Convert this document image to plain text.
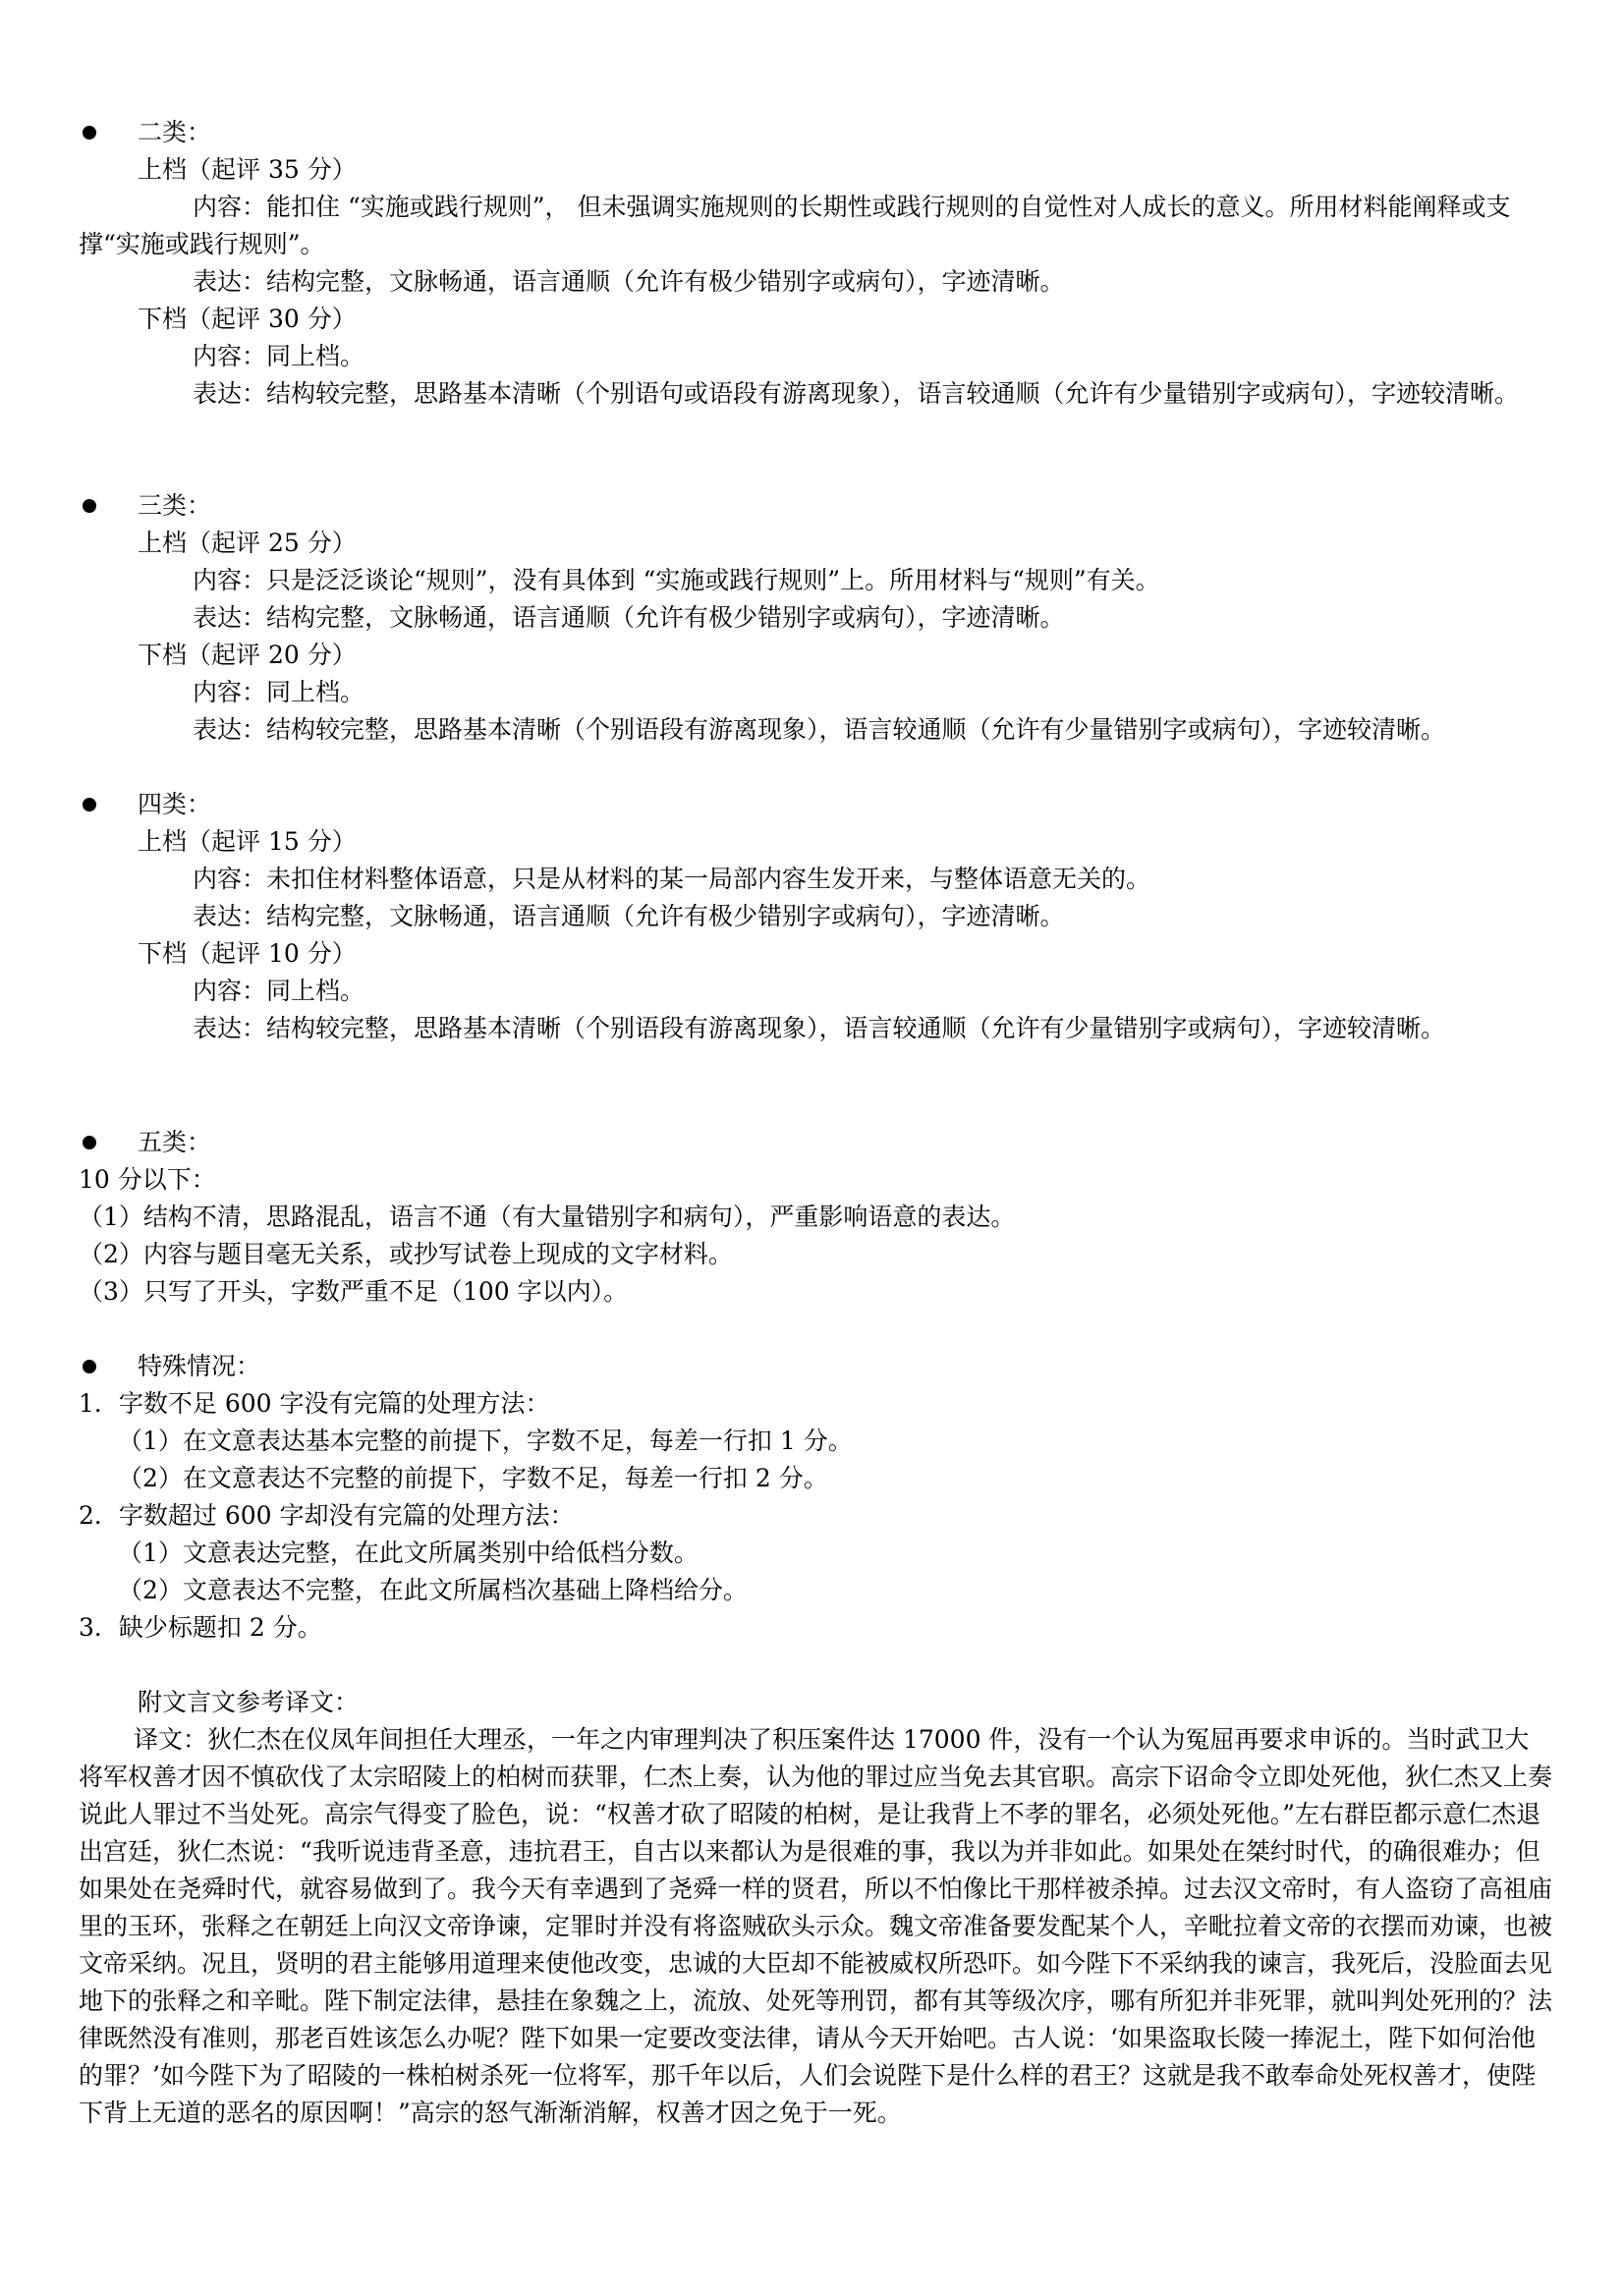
二类：
上档（起评 35 分）
内容：能扣住 “实施或践行规则”， 但未强调实施规则的长期性或践行规则的自觉性对人成长的意义。所用材料能阐释或支撑“实施或践行规则”。
表达：结构完整，文脉畅通，语言通顺（允许有极少错别字或病句），字迹清晰。
下档（起评 30 分）
内容：同上档。
表达：结构较完整，思路基本清晰（个别语句或语段有游离现象），语言较通顺（允许有少量错别字或病句），字迹较清晰。
三类：
上档（起评 25 分）
内容：只是泛泛谈论“规则”，没有具体到 “实施或践行规则”上。所用材料与“规则”有关。
表达：结构完整，文脉畅通，语言通顺（允许有极少错别字或病句），字迹清晰。
下档（起评 20 分）
内容：同上档。
表达：结构较完整，思路基本清晰（个别语段有游离现象），语言较通顺（允许有少量错别字或病句），字迹较清晰。
四类：
上档（起评 15 分）
内容：未扣住材料整体语意，只是从材料的某一局部内容生发开来，与整体语意无关的。
表达：结构完整，文脉畅通，语言通顺（允许有极少错别字或病句），字迹清晰。
下档（起评 10 分）
内容：同上档。
表达：结构较完整，思路基本清晰（个别语段有游离现象），语言较通顺（允许有少量错别字或病句），字迹较清晰。
五类：
10 分以下：
（1）结构不清，思路混乱，语言不通（有大量错别字和病句），严重影响语意的表达。
（2）内容与题目毫无关系，或抄写试卷上现成的文字材料。
（3）只写了开头，字数严重不足（100 字以内）。
特殊情况：
1．字数不足 600 字没有完篇的处理方法：
（1）在文意表达基本完整的前提下，字数不足，每差一行扣 1 分。
（2）在文意表达不完整的前提下，字数不足，每差一行扣 2 分。
2．字数超过 600 字却没有完篇的处理方法：
（1）文意表达完整，在此文所属类别中给低档分数。
（2）文意表达不完整，在此文所属档次基础上降档给分。
3．缺少标题扣 2 分。
附文言文参考译文：
译文：狄仁杰在仪凤年间担任大理丞，一年之内审理判决了积压案件达 17000 件，没有一个认为冤屈再要求申诉的。当时武卫大将军权善才因不慎砍伐了太宗昭陵上的柏树而获罪，仁杰上奏，认为他的罪过应当免去其官职。高宗下诏命令立即处死他，狄仁杰又上奏说此人罪过不当处死。高宗气得变了脸色，说：“权善才砍了昭陵的柏树，是让我背上不孝的罪名，必须处死他。”左右群臣都示意仁杰退出宫廷，狄仁杰说：“我听说违背圣意，违抗君王，自古以来都认为是很难的事，我以为并非如此。如果处在桀纣时代，的确很难办；但如果处在尧舜时代，就容易做到了。我今天有幸遇到了尧舜一样的贤君，所以不怕像比干那样被杀掉。过去汉文帝时，有人盗窃了高祖庙里的玉环，张释之在朝廷上向汉文帝诤谏，定罪时并没有将盗贼砍头示众。魏文帝准备要发配某个人，辛毗拉着文帝的衣摆而劝谏，也被文帝采纳。况且，贤明的君主能够用道理来使他改变，忠诚的大臣却不能被威权所恐吓。如今陛下不采纳我的谏言，我死后，没脸面去见地下的张释之和辛毗。陛下制定法律，悬挂在象魏之上，流放、处死等刑罚，都有其等级次序，哪有所犯并非死罪，就叫判处死刑的？法律既然没有准则，那老百姓该怎么办呢？陛下如果一定要改变法律，请从今天开始吧。古人说：‘如果盗取长陵一捧泥土，陛下如何治他的罪？’如今陛下为了昭陵的一株柏树杀死一位将军，那千年以后，人们会说陛下是什么样的君王？这就是我不敢奉命处死权善才，使陛下背上无道的恶名的原因啊！”高宗的怒气渐渐消解，权善才因之免于一死。
